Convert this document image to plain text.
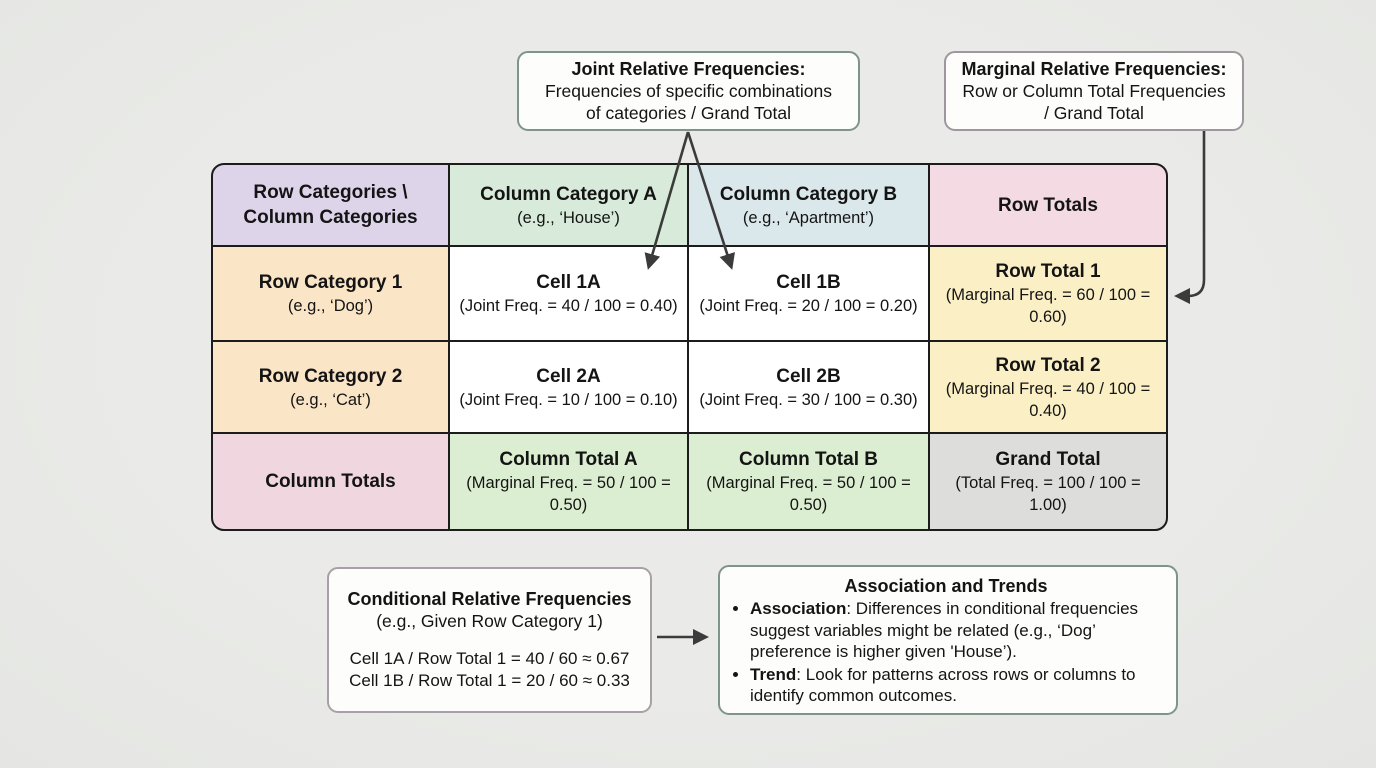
Joint Relative Frequencies:
Frequencies of specific combinations
of categories / Grand Total
Marginal Relative Frequencies:
Row or Column Total Frequencies
/ Grand Total
Row Categories \
Column Categories
Column Category A
(e.g., ‘House’)
Column Category B
(e.g., ‘Apartment’)
Row Totals
Row Category 1
(e.g., ‘Dog’)
Cell 1A
(Joint Freq. = 40 / 100 = 0.40)
Cell 1B
(Joint Freq. = 20 / 100 = 0.20)
Row Total 1
(Marginal Freq. = 60 / 100 = 0.60)
Row Category 2
(e.g., ‘Cat’)
Cell 2A
(Joint Freq. = 10 / 100 = 0.10)
Cell 2B
(Joint Freq. = 30 / 100 = 0.30)
Row Total 2
(Marginal Freq. = 40 / 100 = 0.40)
Column Totals
Column Total A
(Marginal Freq. = 50 / 100 = 0.50)
Column Total B
(Marginal Freq. = 50 / 100 = 0.50)
Grand Total
(Total Freq. = 100 / 100 = 1.00)
Conditional Relative Frequencies
(e.g., Given Row Category 1)
Cell 1A / Row Total 1 = 40 / 60 ≈ 0.67
Cell 1B / Row Total 1 = 20 / 60 ≈ 0.33
Association and Trends
• Association: Differences in conditional frequencies suggest variables might be related (e.g., ‘Dog’ preference is higher given 'House’).
• Trend: Look for patterns across rows or columns to identify common outcomes.
